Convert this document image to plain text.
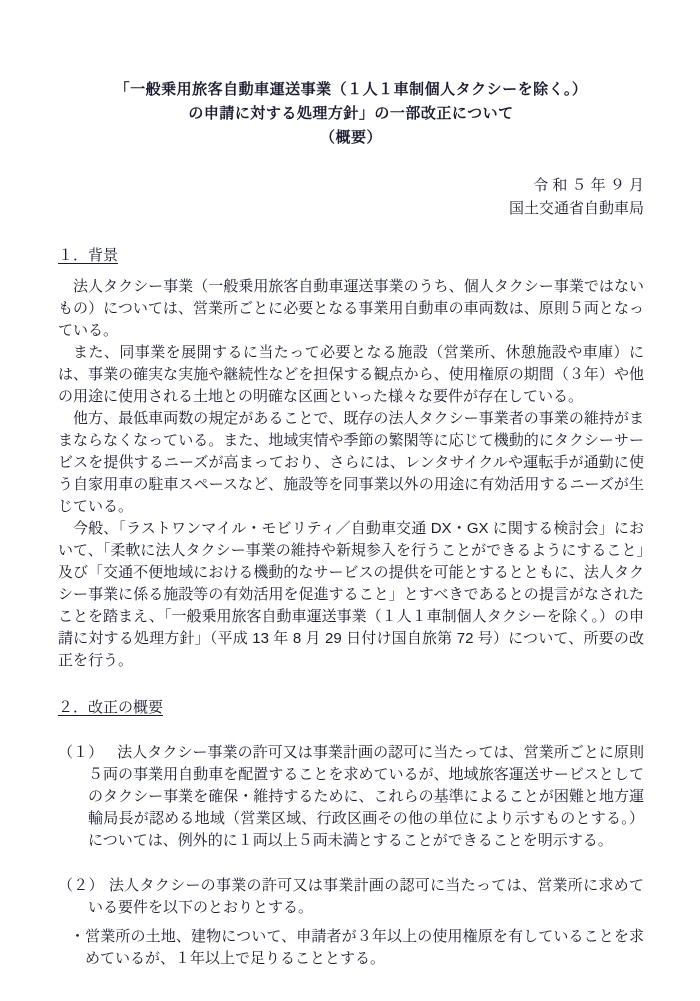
「一般乗用旅客自動車運送事業（１人１車制個人タクシーを除く。）
の申請に対する処理方針」の一部改正について
（概要）
令 和 ５ 年 ９ 月
国土交通省自動車局
１．背景

法人タクシー事業（一般乗用旅客自動車運送事業のうち、個人タクシー事業ではないもの）については、営業所ごとに必要となる事業用自動車の車両数は、原則５両となっている。

また、同事業を展開するに当たって必要となる施設（営業所、休憩施設や車庫）には、事業の確実な実施や継続性などを担保する観点から、使用権原の期間（３年）や他の用途に使用される土地との明確な区画といった様々な要件が存在している。

他方、最低車両数の規定があることで、既存の法人タクシー事業者の事業の維持がままならなくなっている。また、地域実情や季節の繁閑等に応じて機動的にタクシーサービスを提供するニーズが高まっており、さらには、レンタサイクルや運転手が通勤に使う自家用車の駐車スペースなど、施設等を同事業以外の用途に有効活用するニーズが生じている。

今般、「ラストワンマイル・モビリティ／自動車交通 DX・GX に関する検討会」において、「柔軟に法人タクシー事業の維持や新規参入を行うことができるようにすること」及び「交通不便地域における機動的なサービスの提供を可能とするとともに、法人タクシー事業に係る施設等の有効活用を促進すること」とすべきであるとの提言がなされたことを踏まえ、「一般乗用旅客自動車運送事業（１人１車制個人タクシーを除く。）の申請に対する処理方針」（平成 13 年 8 月 29 日付け国自旅第 72 号）について、所要の改正を行う。

２．改正の概要
（１） 法人タクシー事業の許可又は事業計画の認可に当たっては、営業所ごとに原則５両の事業用自動車を配置することを求めているが、地域旅客運送サービスとしてのタクシー事業を確保・維持するために、これらの基準によることが困難と地方運輸局長が認める地域（営業区域、行政区画その他の単位により示すものとする。）については、例外的に１両以上５両未満とすることができることを明示する。
（２） 法人タクシーの事業の許可又は事業計画の認可に当たっては、営業所に求めている要件を以下のとおりとする。
・営業所の土地、建物について、申請者が３年以上の使用権原を有していることを求めているが、１年以上で足りることとする。
